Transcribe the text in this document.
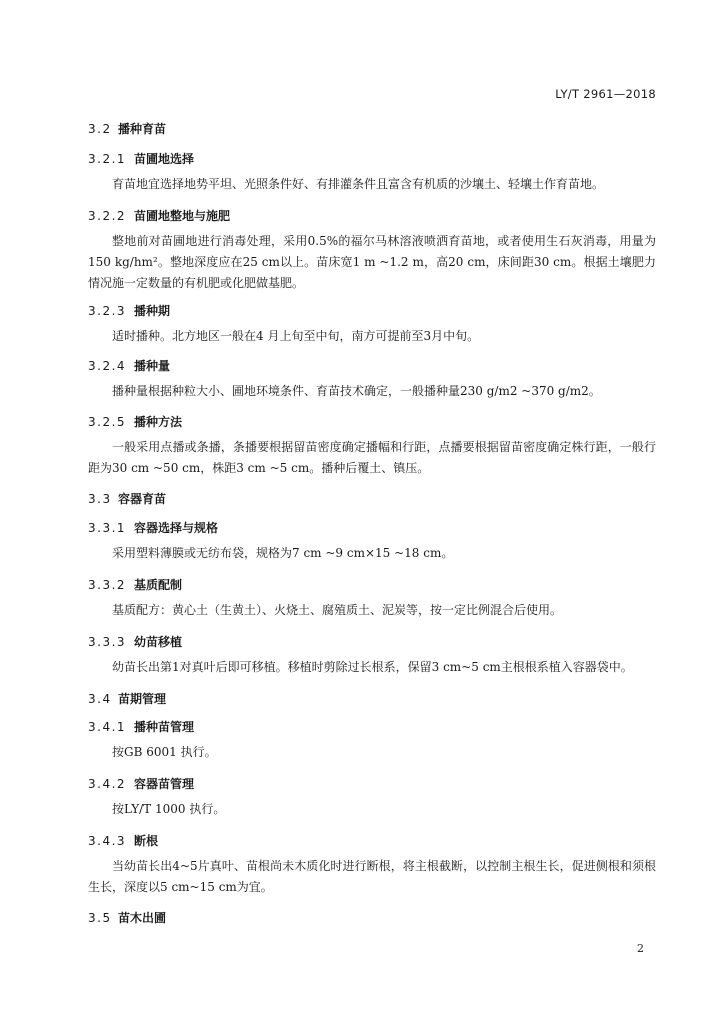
LY/T 2961—2018
3.2 播种育苗
3.2.1 苗圃地选择
育苗地宜选择地势平坦、光照条件好、有排灌条件且富含有机质的沙壤土、轻壤土作育苗地。
3.2.2 苗圃地整地与施肥
整地前对苗圃地进行消毒处理，采用0.5%的福尔马林溶液喷洒育苗地，或者使用生石灰消毒，用量为150 kg/hm²。整地深度应在25 cm以上。苗床宽1 m ~1.2 m，高20 cm，床间距30 cm。根据土壤肥力情况施一定数量的有机肥或化肥做基肥。
3.2.3 播种期
适时播种。北方地区一般在4 月上旬至中旬，南方可提前至3月中旬。
3.2.4 播种量
播种量根据种粒大小、圃地环境条件、育苗技术确定，一般播种量230 g/m2 ~370 g/m2。
3.2.5 播种方法
一般采用点播或条播，条播要根据留苗密度确定播幅和行距，点播要根据留苗密度确定株行距，一般行距为30 cm ~50 cm，株距3 cm ~5 cm。播种后覆土、镇压。
3.3 容器育苗
3.3.1 容器选择与规格
采用塑料薄膜或无纺布袋，规格为7 cm ~9 cm×15 ~18 cm。
3.3.2 基质配制
基质配方：黄心土（生黄土）、火烧土、腐殖质土、泥炭等，按一定比例混合后使用。
3.3.3 幼苗移植
幼苗长出第1对真叶后即可移植。移植时剪除过长根系，保留3 cm~5 cm主根根系植入容器袋中。
3.4 苗期管理
3.4.1 播种苗管理
按GB 6001 执行。
3.4.2 容器苗管理
按LY/T 1000 执行。
3.4.3 断根
当幼苗长出4~5片真叶、苗根尚未木质化时进行断根，将主根截断，以控制主根生长，促进侧根和须根生长，深度以5 cm~15 cm为宜。
3.5 苗木出圃
2
